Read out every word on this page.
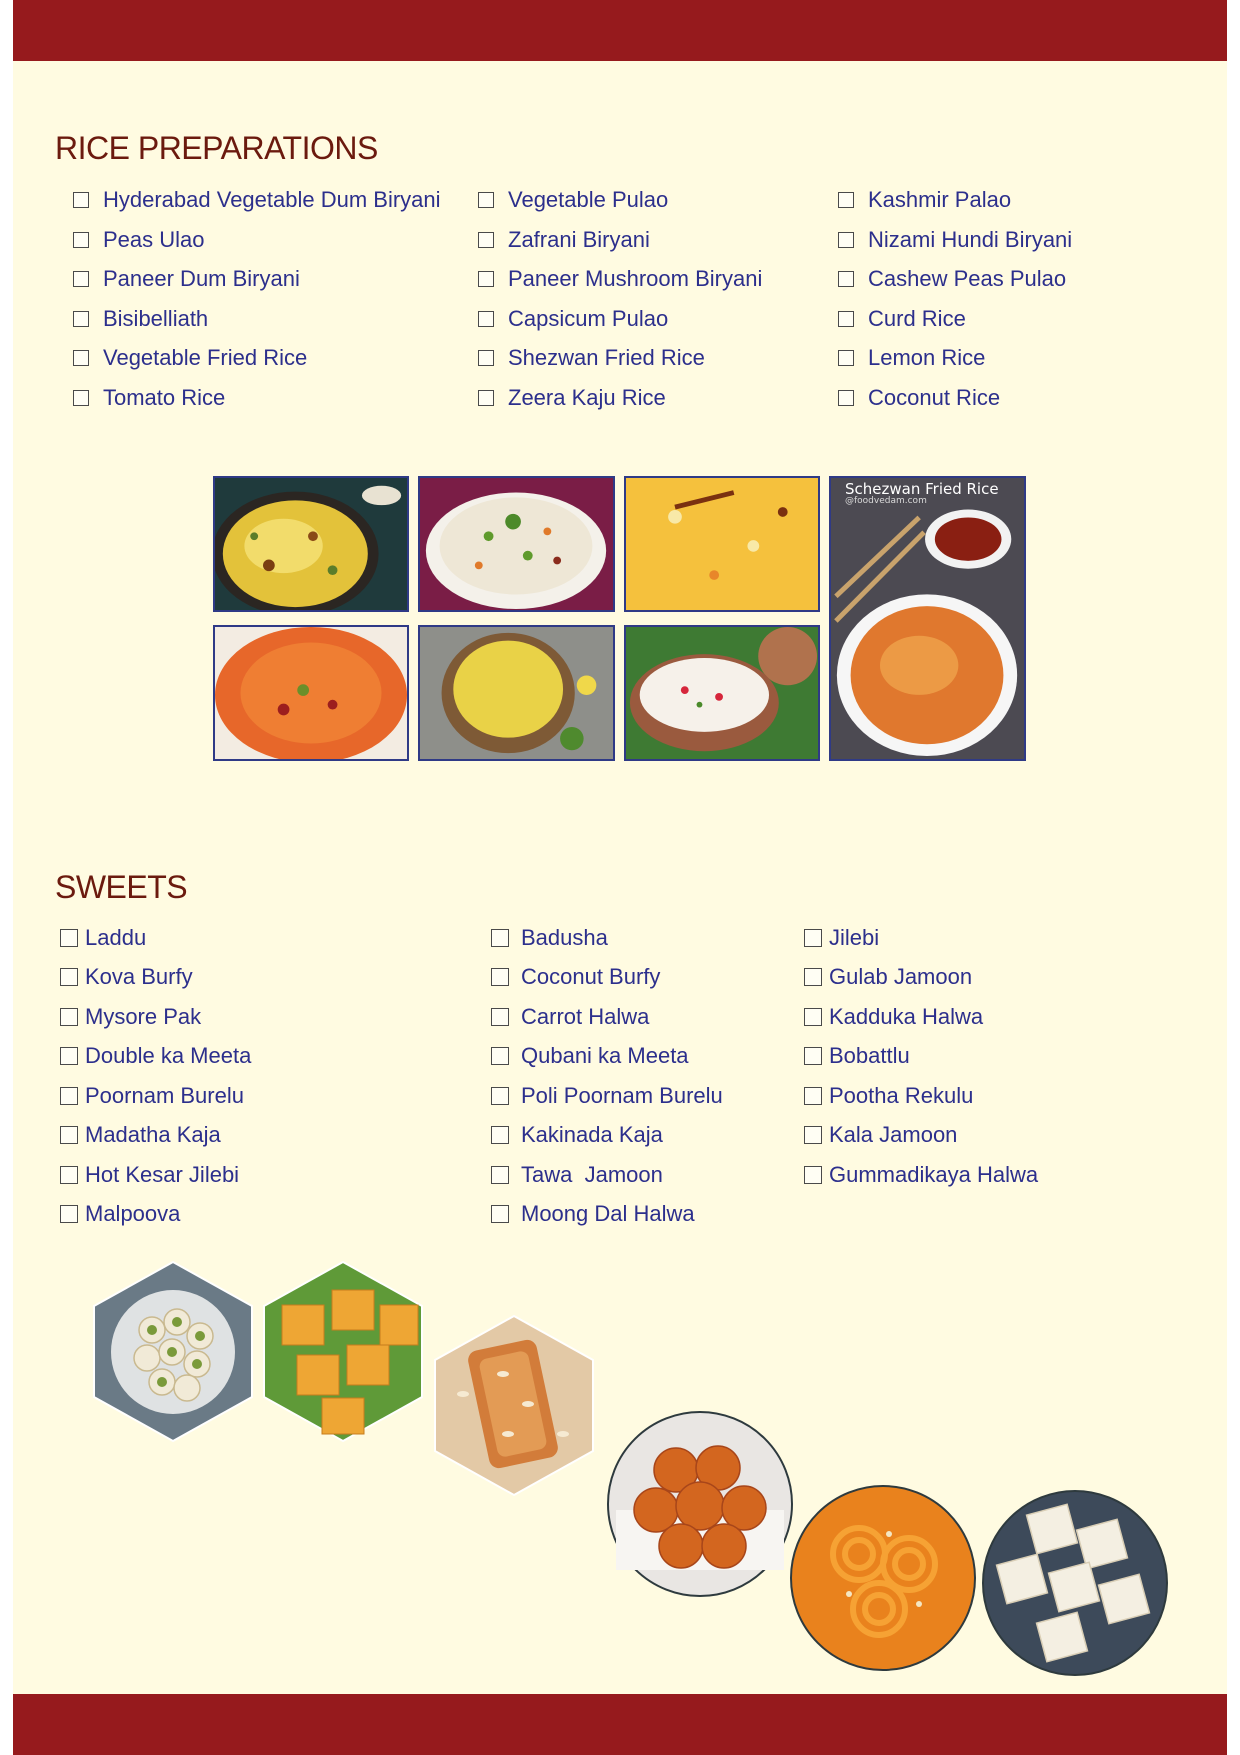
RICE PREPARATIONS
Hyderabad Vegetable Dum Biryani
Peas Ulao
Paneer Dum Biryani
Bisibelliath
Vegetable Fried Rice
Tomato Rice
Vegetable Pulao
Zafrani Biryani
Paneer Mushroom Biryani
Capsicum Pulao
Shezwan Fried Rice
Zeera Kaju Rice
Kashmir Palao
Nizami Hundi Biryani
Cashew Peas Pulao
Curd Rice
Lemon Rice
Coconut Rice
Schezwan Fried Rice
@foodvedam.com
SWEETS
Laddu
Kova Burfy
Mysore Pak
Double ka Meeta
Poornam Burelu
Madatha Kaja
Hot Kesar Jilebi
Malpoova
Badusha
Coconut Burfy
Carrot Halwa
Qubani ka Meeta
Poli Poornam Burelu
Kakinada Kaja
Tawa  Jamoon
Moong Dal Halwa
Jilebi
Gulab Jamoon
Kadduka Halwa
Bobattlu
Pootha Rekulu
Kala Jamoon
Gummadikaya Halwa
